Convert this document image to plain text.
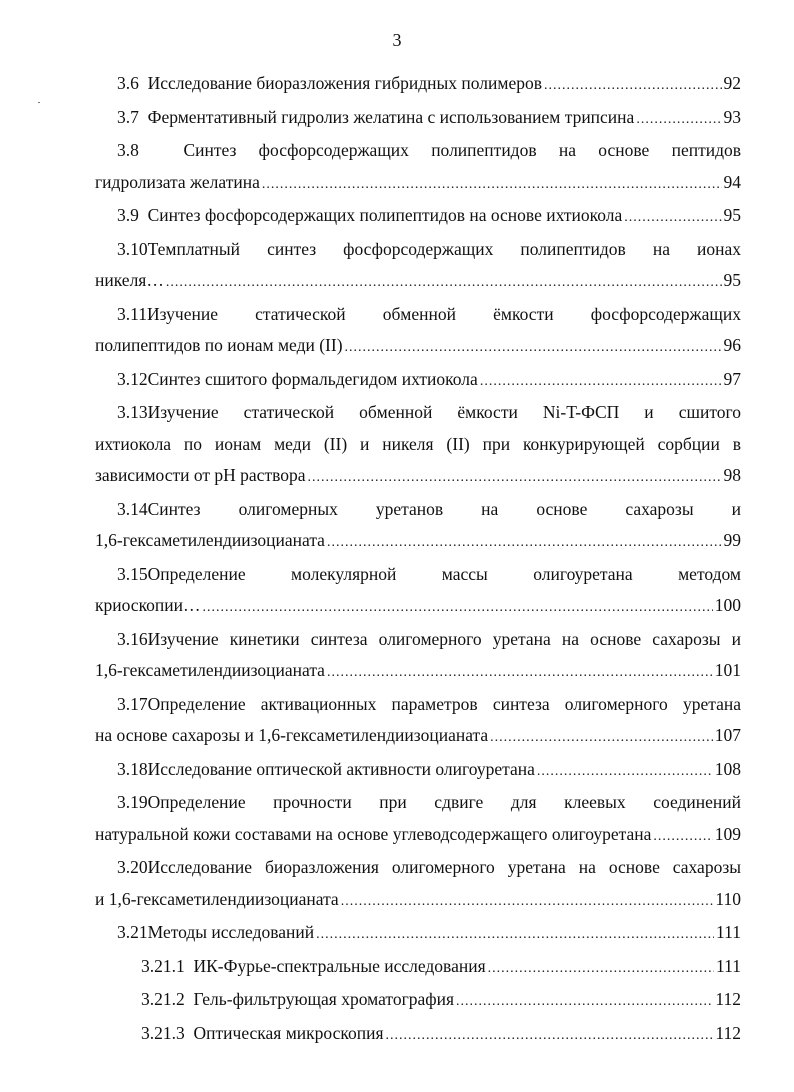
3
3.6
Исследование биоразложения гибридных полимеров .....	92
3.7
Ферментативный гидролиз желатина с использованием трипсина .....	93
3.8	Синтез фосфорсодержащих полипептидов на основе пептидов
гидролизата желатина .....	94
3.9
Синтез фосфорсодержащих полипептидов на основе ихтиокола .....	95
3.10Темплатный синтез фосфорсодержащих полипептидов на ионах
никеля… .....	95
3.11Изучение статической обменной ёмкости фосфорсодержащих
полипептидов по ионам меди (II) .....	96
3.12 Синтез сшитого формальдегидом ихтиокола .....	97
3.13Изучение статической обменной ёмкости Ni-T-ФСП и сшитого
ихтиокола по ионам меди (II) и никеля (II) при конкурирующей сорбции в
зависимости от pH раствора .....	98
3.14Синтез олигомерных уретанов на основе сахарозы и
1,6-гексаметилендиизоцианата .....	99
3.15Определение молекулярной массы олигоуретана методом
криоскопии… .....	100
3.16Изучение кинетики синтеза олигомерного уретана на основе сахарозы и
1,6-гексаметилендиизоцианата .....	101
3.17Определение активационных параметров синтеза олигомерного уретана
на основе сахарозы и 1,6-гексаметилендиизоцианата .....	107
3.18 Исследование оптической активности олигоуретана .....	108
3.19Определение прочности при сдвиге для клеевых соединений
натуральной кожи составами на основе углеводсодержащего олигоуретана .....	109
3.20Исследование биоразложения олигомерного уретана на основе сахарозы
и 1,6-гексаметилендиизоцианата .....	110
3.21 Методы исследований .....	111
3.21.1
ИК-Фурье-спектральные исследования .....	111
3.21.2
Гель-фильтрующая хроматография .....	112
3.21.3
Оптическая микроскопия .....	112
